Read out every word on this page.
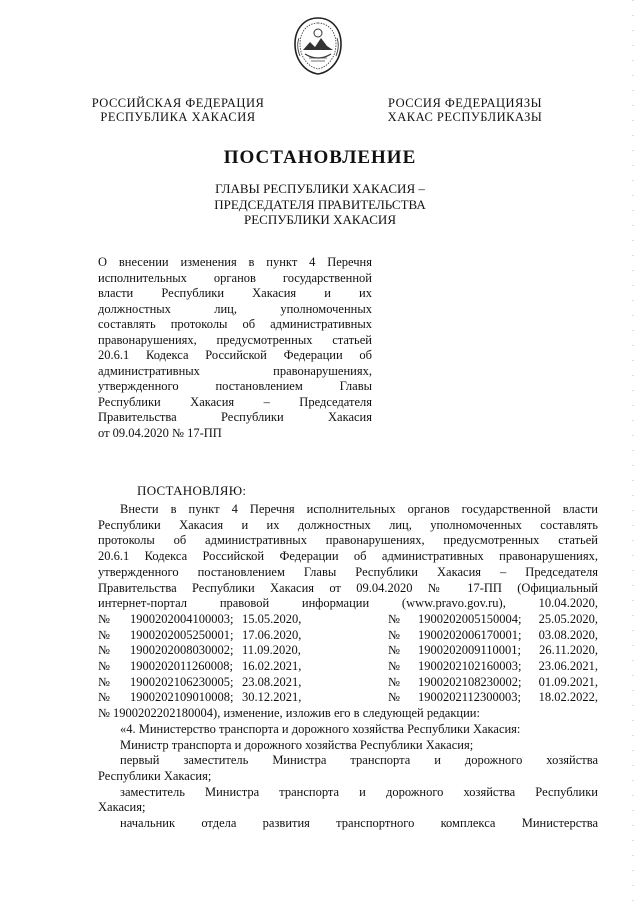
РОССИЙСКАЯ ФЕДЕРАЦИЯ
РЕСПУБЛИКА ХАКАСИЯ
РОССИЯ ФЕДЕРАЦИЯЗЫ
ХАКАС РЕСПУБЛИКАЗЫ
ПОСТАНОВЛЕНИЕ
ГЛАВЫ РЕСПУБЛИКИ ХАКАСИЯ –
ПРЕДСЕДАТЕЛЯ ПРАВИТЕЛЬСТВА
РЕСПУБЛИКИ ХАКАСИЯ
О внесении изменения в пункт 4 Перечня
исполнительных органов государственной
власти Республики Хакасия и их
должностных лиц, уполномоченных
составлять протоколы об административных
правонарушениях, предусмотренных статьей
20.6.1 Кодекса Российской Федерации об
административных правонарушениях,
утвержденного постановлением Главы
Республики Хакасия – Председателя
Правительства Республики Хакасия
от 09.04.2020 № 17-ПП
ПОСТАНОВЛЯЮ:
Внести в пункт 4 Перечня исполнительных органов государственной власти
Республики Хакасия и их должностных лиц, уполномоченных составлять
протоколы об административных правонарушениях, предусмотренных статьей
20.6.1 Кодекса Российской Федерации об административных правонарушениях,
утвержденного постановлением Главы Республики Хакасия – Председателя
Правительства Республики Хакасия от 09.04.2020 № 17-ПП (Официальный
интернет-портал правовой информации (www.pravo.gov.ru), 10.04.2020,
№	1900202004100003; 15.05.2020,	№	1900202005150004;	25.05.2020,
№	1900202005250001; 17.06.2020,	№	1900202006170001;	03.08.2020,
№	1900202008030002; 11.09.2020,	№	1900202009110001;	26.11.2020,
№	1900202011260008; 16.02.2021,	№	1900202102160003;	23.06.2021,
№	1900202106230005; 23.08.2021,	№	1900202108230002;	01.09.2021,
№	1900202109010008; 30.12.2021,	№	1900202112300003;	18.02.2022,
№ 1900202202180004), изменение, изложив его в следующей редакции:
«4. Министерство транспорта и дорожного хозяйства Республики Хакасия:
Министр транспорта и дорожного хозяйства Республики Хакасия;
первый заместитель Министра транспорта и дорожного хозяйства
Республики Хакасия;
заместитель Министра транспорта и дорожного хозяйства Республики
Хакасия;
начальник отдела развития транспортного комплекса Министерства
